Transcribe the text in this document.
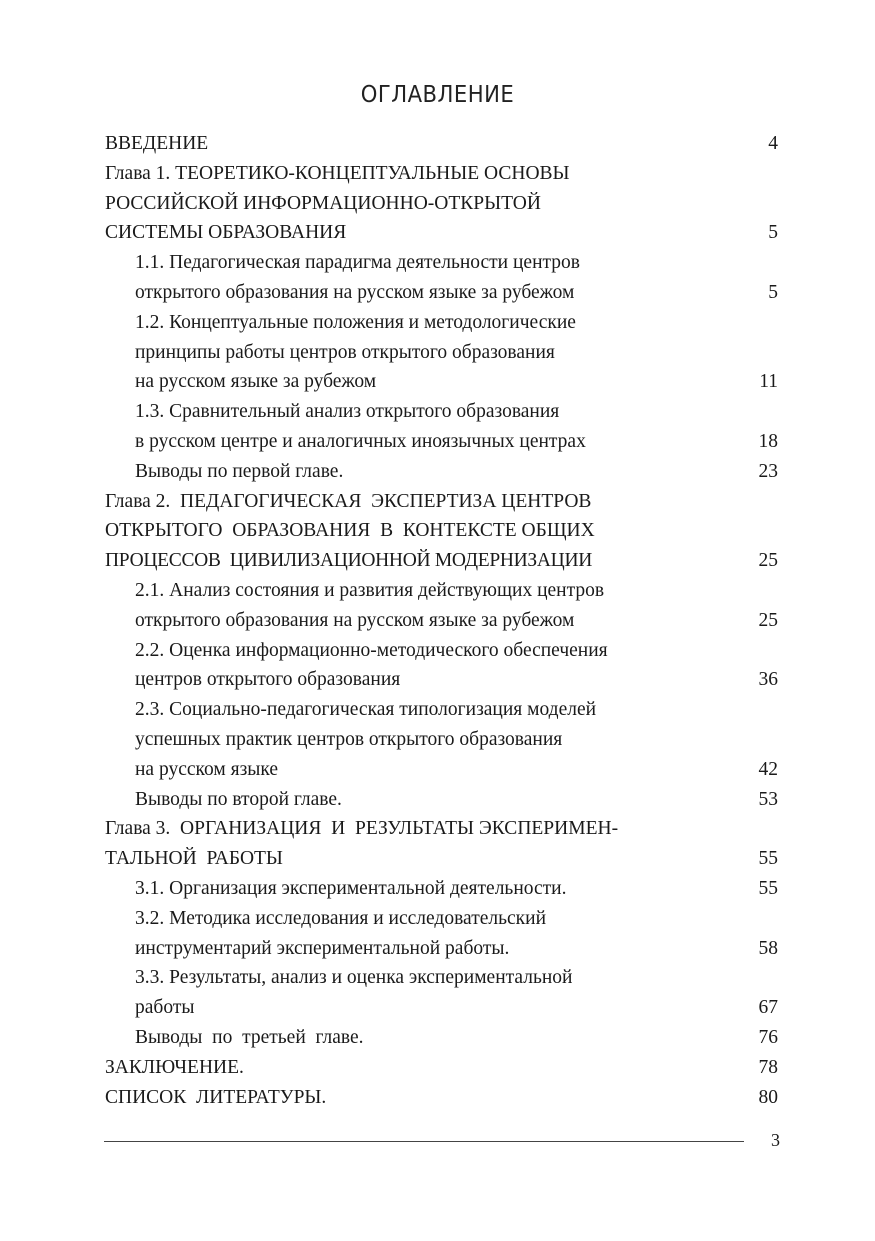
ОГЛАВЛЕНИЕ
ВВЕДЕНИЕ	4
Глава 1. ТЕОРЕТИКО-КОНЦЕПТУАЛЬНЫЕ ОСНОВЫ
РОССИЙСКОЙ ИНФОРМАЦИОННО-ОТКРЫТОЙ
СИСТЕМЫ ОБРАЗОВАНИЯ	5
1.1. Педагогическая парадигма деятельности центров
открытого образования на русском языке за рубежом	5
1.2. Концептуальные положения и методологические
принципы работы центров открытого образования
на русском языке за рубежом	11
1.3. Сравнительный анализ открытого образования
в русском центре и аналогичных иноязычных центрах	18
Выводы по первой главе.	23
Глава 2.  ПЕДАГОГИЧЕСКАЯ  ЭКСПЕРТИЗА ЦЕНТРОВ
ОТКРЫТОГО  ОБРАЗОВАНИЯ  В  КОНТЕКСТЕ ОБЩИХ
ПРОЦЕССОВ  ЦИВИЛИЗАЦИОННОЙ МОДЕРНИЗАЦИИ	25
2.1. Анализ состояния и развития действующих центров
открытого образования на русском языке за рубежом	25
2.2. Оценка информационно-методического обеспечения
центров открытого образования	36
2.3. Социально-педагогическая типологизация моделей
успешных практик центров открытого образования
на русском языке	42
Выводы по второй главе.	53
Глава 3.  ОРГАНИЗАЦИЯ  И  РЕЗУЛЬТАТЫ ЭКСПЕРИМЕН-
ТАЛЬНОЙ  РАБОТЫ	55
3.1. Организация экспериментальной деятельности.	55
3.2. Методика исследования и исследовательский
инструментарий экспериментальной работы.	58
3.3. Результаты, анализ и оценка экспериментальной
работы	67
Выводы  по  третьей  главе.	76
ЗАКЛЮЧЕНИЕ.	78
СПИСОК  ЛИТЕРАТУРЫ.	80
3
